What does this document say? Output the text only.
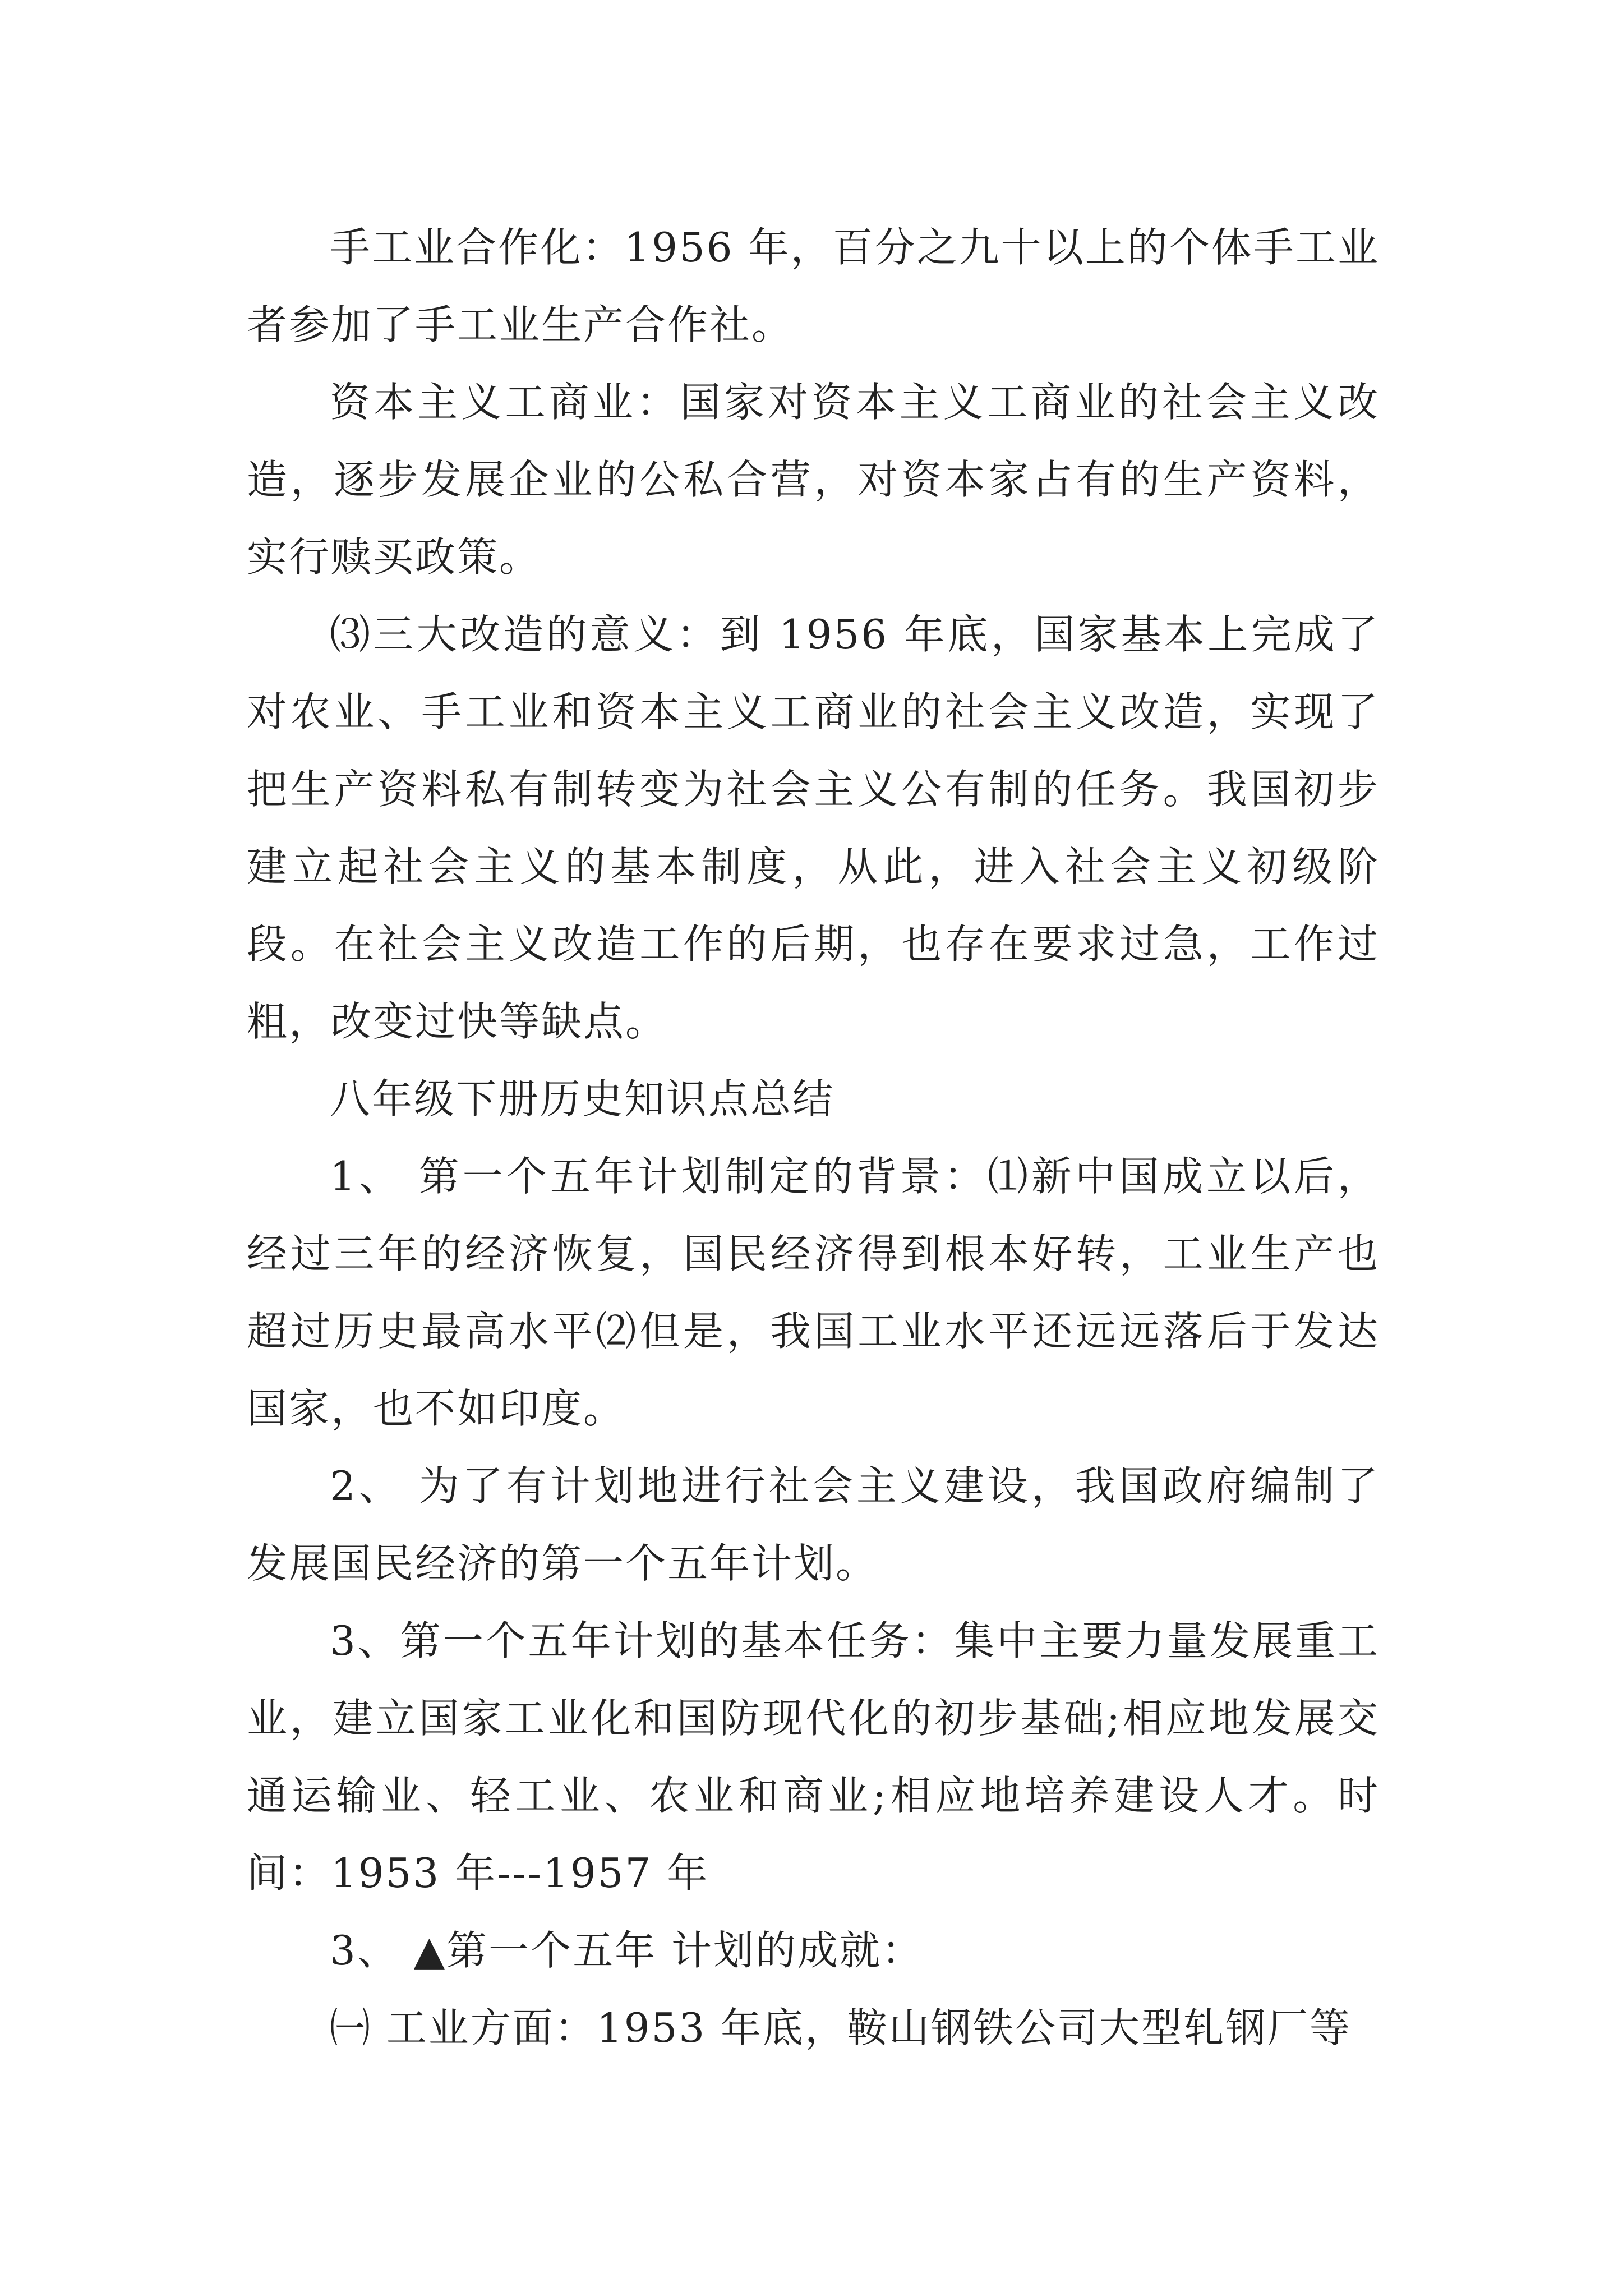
手工业合作化：1956 年，百分之九十以上的个体手工业者参加了手工业生产合作社。

资本主义工商业：国家对资本主义工商业的社会主义改造，逐步发展企业的公私合营，对资本家占有的生产资料，实行赎买政策。

⑶三大改造的意义：到 1956 年底，国家基本上完成了对农业、手工业和资本主义工商业的社会主义改造，实现了把生产资料私有制转变为社会主义公有制的任务。我国初步建立起社会主义的基本制度，从此，进入社会主义初级阶段。在社会主义改造工作的后期，也存在要求过急，工作过粗，改变过快等缺点。

八年级下册历史知识点总结

1、 第一个五年计划制定的背景：⑴新中国成立以后，经过三年的经济恢复，国民经济得到根本好转，工业生产也超过历史最高水平⑵但是，我国工业水平还远远落后于发达国家，也不如印度。

2、 为了有计划地进行社会主义建设，我国政府编制了发展国民经济的第一个五年计划。

3、第一个五年计划的基本任务：集中主要力量发展重工业，建立国家工业化和国防现代化的初步基础;相应地发展交通运输业、轻工业、农业和商业;相应地培养建设人才。时间：1953 年---1957 年

3、 ▲第一个五年 计划的成就：

㈠ 工业方面：1953 年底，鞍山钢铁公司大型轧钢厂等
